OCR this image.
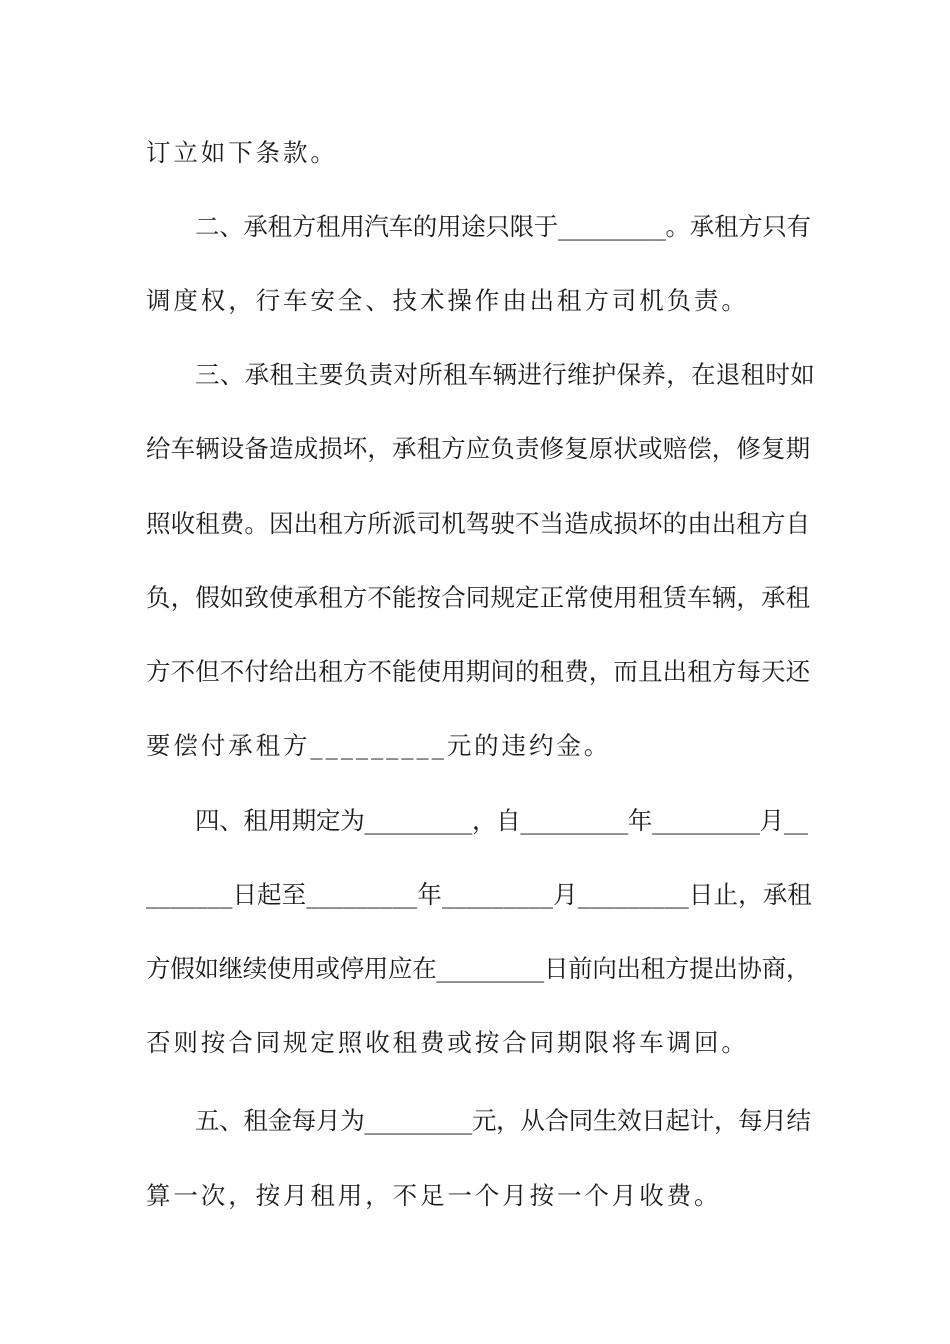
订立如下条款。
二、承租方租用汽车的用途只限于_________。承租方只有
调度权，行车安全、技术操作由出租方司机负责。
三、承租主要负责对所租车辆进行维护保养，在退租时如
给车辆设备造成损坏，承租方应负责修复原状或赔偿，修复期
照收租费。因出租方所派司机驾驶不当造成损坏的由出租方自
负，假如致使承租方不能按合同规定正常使用租赁车辆，承租
方不但不付给出租方不能使用期间的租费，而且出租方每天还
要偿付承租方_________元的违约金。
四、租用期定为_________，自_________年_________月__
_______日起至_________年_________月_________日止，承租
方假如继续使用或停用应在_________日前向出租方提出协商，
否则按合同规定照收租费或按合同期限将车调回。
五、租金每月为_________元，从合同生效日起计，每月结
算一次，按月租用，不足一个月按一个月收费。
